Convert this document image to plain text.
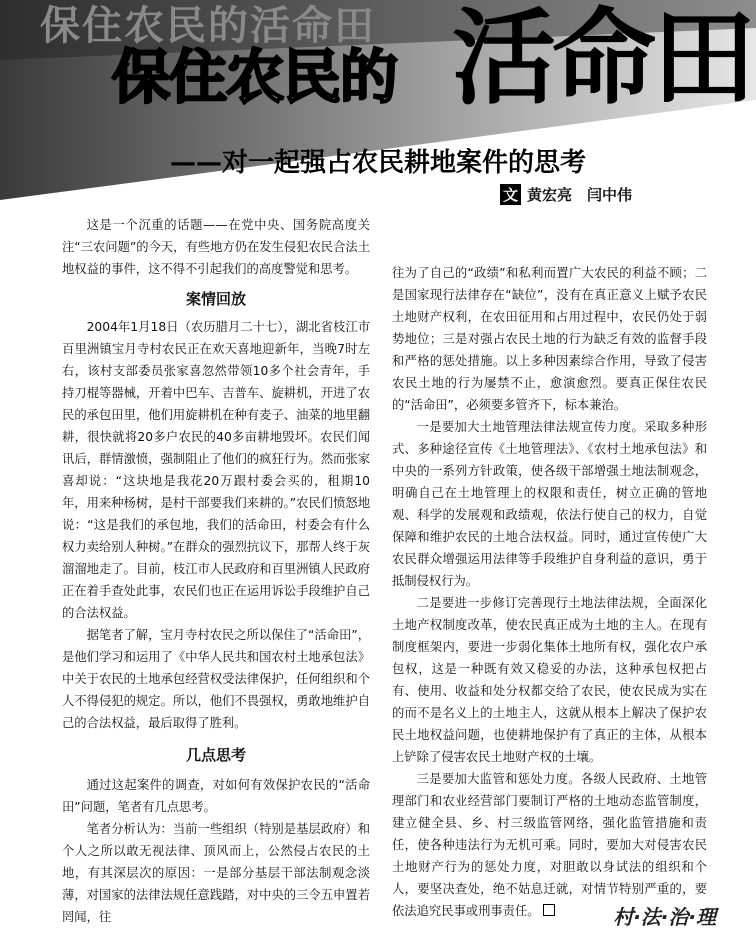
保住农民的活命田
保住农民的 活命田
——对一起强占农民耕地案件的思考
文 黄宏亮　闫中伟

这是一个沉重的话题——在党中央、国务院高度关注“三农问题”的今天，有些地方仍在发生侵犯农民合法土地权益的事件，这不得不引起我们的高度警觉和思考。

案情回放

2004年1月18日（农历腊月二十七），湖北省枝江市百里洲镇宝月寺村农民正在欢天喜地迎新年，当晚7时左右，该村支部委员张家喜忽然带领10多个社会青年，手持刀棍等器械，开着中巴车、吉普车、旋耕机，开进了农民的承包田里，他们用旋耕机在种有麦子、油菜的地里翻耕，很快就将20多户农民的40多亩耕地毁坏。农民们闻讯后，群情激愤，强制阻止了他们的疯狂行为。然而张家喜却说：“这块地是我花20万跟村委会买的，租期10年，用来种杨树，是村干部要我们来耕的。”农民们愤怒地说：“这是我们的承包地，我们的活命田，村委会有什么权力卖给别人种树。”在群众的强烈抗议下，那帮人终于灰溜溜地走了。目前，枝江市人民政府和百里洲镇人民政府正在着手查处此事，农民们也正在运用诉讼手段维护自己的合法权益。

据笔者了解，宝月寺村农民之所以保住了“活命田”，是他们学习和运用了《中华人民共和国农村土地承包法》中关于农民的土地承包经营权受法律保护，任何组织和个人不得侵犯的规定。所以，他们不畏强权，勇敢地维护自己的合法权益，最后取得了胜利。

几点思考

通过这起案件的调查，对如何有效保护农民的“活命田”问题，笔者有几点思考。

笔者分析认为：当前一些组织（特别是基层政府）和个人之所以敢无视法律、顶风而上，公然侵占农民的土地，有其深层次的原因：一是部分基层干部法制观念淡薄，对国家的法律法规任意践踏，对中央的三令五申置若罔闻，往

往为了自己的“政绩”和私利而置广大农民的利益不顾；二是国家现行法律存在“缺位”，没有在真正意义上赋予农民土地财产权利，在农田征用和占用过程中，农民仍处于弱势地位；三是对强占农民土地的行为缺乏有效的监督手段和严格的惩处措施。以上多种因素综合作用，导致了侵害农民土地的行为屡禁不止，愈演愈烈。要真正保住农民的“活命田”，必须要多管齐下，标本兼治。

一是要加大土地管理法律法规宣传力度。采取多种形式、多种途径宣传《土地管理法》、《农村土地承包法》和中央的一系列方针政策，使各级干部增强土地法制观念，明确自己在土地管理上的权限和责任，树立正确的管地观、科学的发展观和政绩观，依法行使自己的权力，自觉保障和维护农民的土地合法权益。同时，通过宣传使广大农民群众增强运用法律等手段维护自身利益的意识，勇于抵制侵权行为。

二是要进一步修订完善现行土地法律法规，全面深化土地产权制度改革，使农民真正成为土地的主人。在现有制度框架内，要进一步弱化集体土地所有权，强化农户承包权，这是一种既有效又稳妥的办法，这种承包权把占有、使用、收益和处分权都交给了农民，使农民成为实在的而不是名义上的土地主人，这就从根本上解决了保护农民土地权益问题，也使耕地保护有了真正的主体，从根本上铲除了侵害农民土地财产权的土壤。

三是要加大监管和惩处力度。各级人民政府、土地管理部门和农业经营部门要制订严格的土地动态监管制度，建立健全县、乡、村三级监管网络，强化监管措施和责任，使各种违法行为无机可乘。同时，要加大对侵害农民土地财产行为的惩处力度，对胆敢以身试法的组织和个人，要坚决查处，绝不姑息迁就，对情节特别严重的，要依法追究民事或刑事责任。	村·法·治·理
